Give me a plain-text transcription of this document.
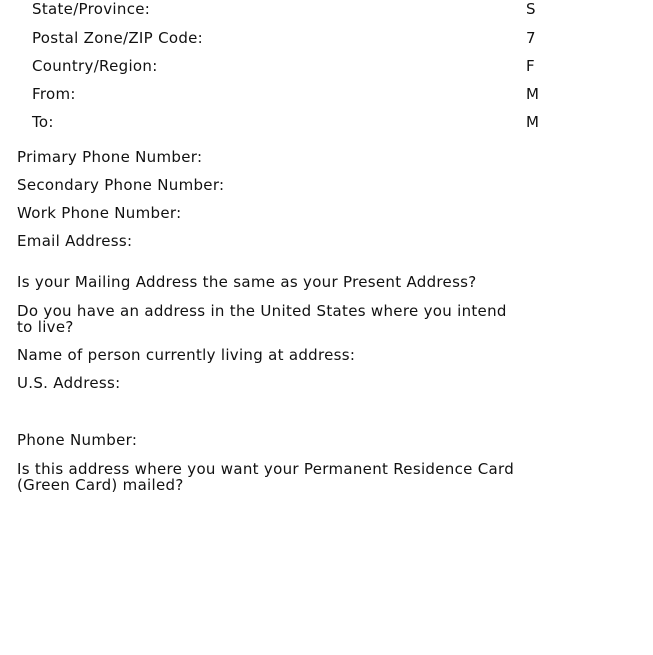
State/Province:	S
Postal Zone/ZIP Code:	7
Country/Region:	F
From:	M
To:	M
Primary Phone Number:
Secondary Phone Number:
Work Phone Number:
Email Address:
Is your Mailing Address the same as your Present Address?
Do you have an address in the United States where you intend to live?
Name of person currently living at address:
U.S. Address:
Phone Number:
Is this address where you want your Permanent Residence Card (Green Card) mailed?
